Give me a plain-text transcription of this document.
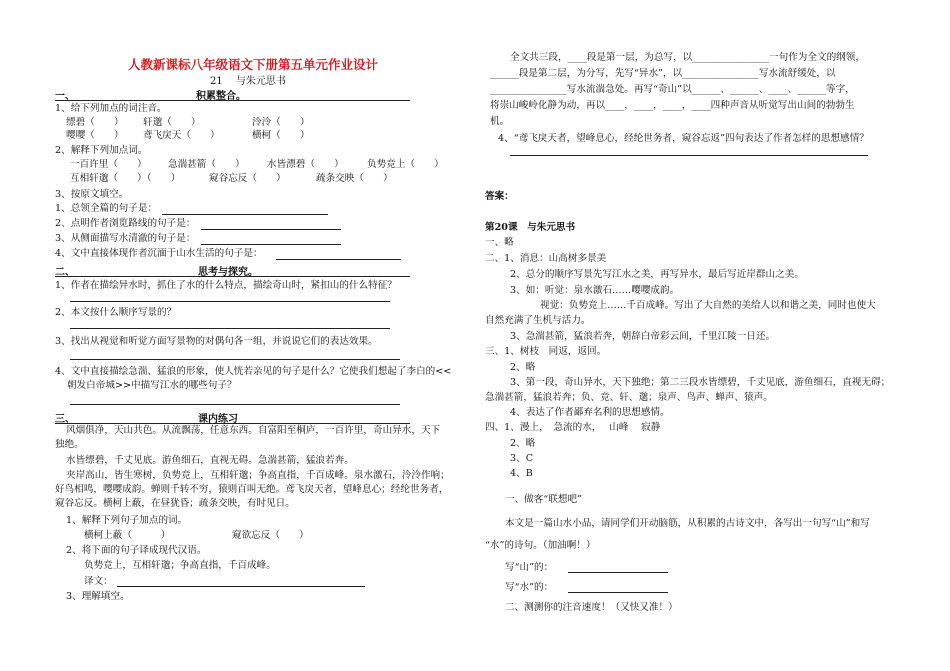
人教新课标八年级语文下册第五单元作业设计
21　 与朱元思书
一、	积累整合。
1、给下列加点的词注音。
缥碧（　　） 轩邈（　　）	泠泠（　　）
嘤嘤（　　） 鸢飞戾天（　　）	横柯（　　）
2、解释下列加点词。
一百许里（　　） 急湍甚箭（　　） 水皆漂碧（　　） 负势竞上（　　）
互相轩邈（　　）（　　）	窥谷忘反（　　）	疏条交映（　　）
3、按原文填空。
1、总领全篇的句子是：
2、点明作者浏览路线的句子是：
3、从侧面描写水清澈的句子是：
4、文中直接体现作者沉湎于山水生活的句子是：
二、	思考与探究。
1、作者在描绘异水时，抓住了水的什么特点，描绘奇山时，紧扣山的什么特征？
2、本文按什么顺序写景的？
3、找出从视觉和听觉方面写景物的对偶句各一组，并说说它们的表达效果。
4、文中直接描绘急湍、猛浪的形象，使人恍若亲见的句子是什么？它使我们想起了李白的<<
朝发白帝城>>中描写江水的哪些句子？
三、	课内练习
风烟俱净，天山共色。从流飘荡，任意东西。自富阳至桐庐，一百许里，奇山异水，天下
独绝。
水皆缥碧，千丈见底。游鱼细石，直视无碍。急湍甚箭，猛浪若奔。
夹岸高山，皆生寒树，负势竞上，互相轩邈；争高直指，千百成峰。泉水激石，泠泠作响；
好鸟相鸣，嘤嘤成韵。蝉则千转不穷，猿则百叫无绝。鸢飞戾天者，望峰息心；经纶世务者，
窥谷忘反。横柯上蔽，在昼犹昏；疏条交映，有时见日。
1、解释下列句子加点的词。
横柯上蔽（　　　）	窥欲忘反（　　）
2、将下面的句子译成现代汉语。
负势竞上，互相轩邈；争高直指，千百成峰。
译文：
3、理解填空。
全文共三段，____段是第一层，为总写，以________________一句作为全文的纲领，
______段是第二层，为分写，先写“异水”，以________________写水流舒缓处，以
________________写水流湍急处。再写“奇山”以______、______、____、______等字，
将崇山峻岭化静为动，再以____，____，____，____四种声音从听觉写出山间的勃勃生
机。
4、“鸢飞戾天者，望峰息心，经纶世务者，窥谷忘返”四句表达了作者怎样的思想感情？
答案：
第20课　与朱元思书
一、略
二、1、消息：山高树多景美
2、总分的顺序写景先写江水之美，再写异水，最后写近岸群山之美。
3、如：听觉：泉水激石……嘤嘤成韵。
视觉：负势竞上……千百成峰。写出了大自然的美给人以和谐之美，同时也使大
自然充满了生机与活力。
3、急湍甚箭，猛浪若奔，朝辞白帝彩云间，千里江陵一日还。
三、1、树枝　同返，返回。
2、略
3、第一段，奇山异水，天下独绝；第二三段水皆缥碧，千丈见底，游鱼细石，直视无碍；
急湍甚箭，猛浪若奔；负、竞、轩、邈；泉声、鸟声、蝉声、猿声。
4、表达了作者鄙弃名利的思想感情。
四、1、漫上，　急流的水，　 山峰　 寂静
2、略
3、C
4、B
一、做客“联想吧”
本文是一篇山水小品，请同学们开动脑筋，从积累的古诗文中，各写出一句写“山”和写
“水”的诗句。（加油啊！）
写“山”的：
写“水”的：
二、测测你的注音速度！（又快又准！）
